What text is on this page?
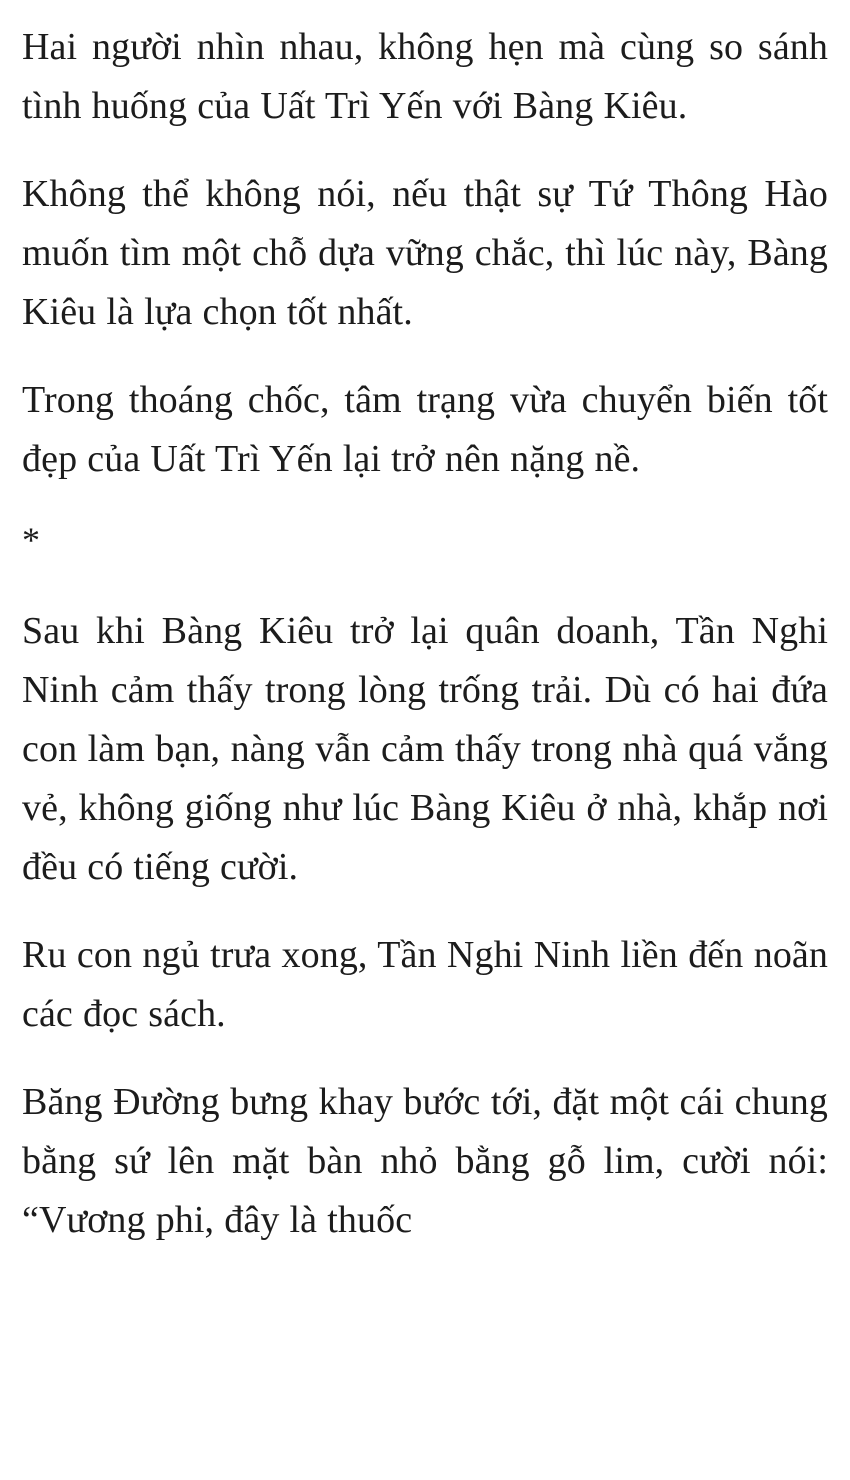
Hai người nhìn nhau, không hẹn mà cùng so sánh tình huống của Uất Trì Yến với Bàng Kiêu.

Không thể không nói, nếu thật sự Tứ Thông Hào muốn tìm một chỗ dựa vững chắc, thì lúc này, Bàng Kiêu là lựa chọn tốt nhất.

Trong thoáng chốc, tâm trạng vừa chuyển biến tốt đẹp của Uất Trì Yến lại trở nên nặng nề.

*

Sau khi Bàng Kiêu trở lại quân doanh, Tần Nghi Ninh cảm thấy trong lòng trống trải. Dù có hai đứa con làm bạn, nàng vẫn cảm thấy trong nhà quá vắng vẻ, không giống như lúc Bàng Kiêu ở nhà, khắp nơi đều có tiếng cười.

Ru con ngủ trưa xong, Tần Nghi Ninh liền đến noãn các đọc sách.

Băng Đường bưng khay bước tới, đặt một cái chung bằng sứ lên mặt bàn nhỏ bằng gỗ lim, cười nói: “Vương phi, đây là thuốc
